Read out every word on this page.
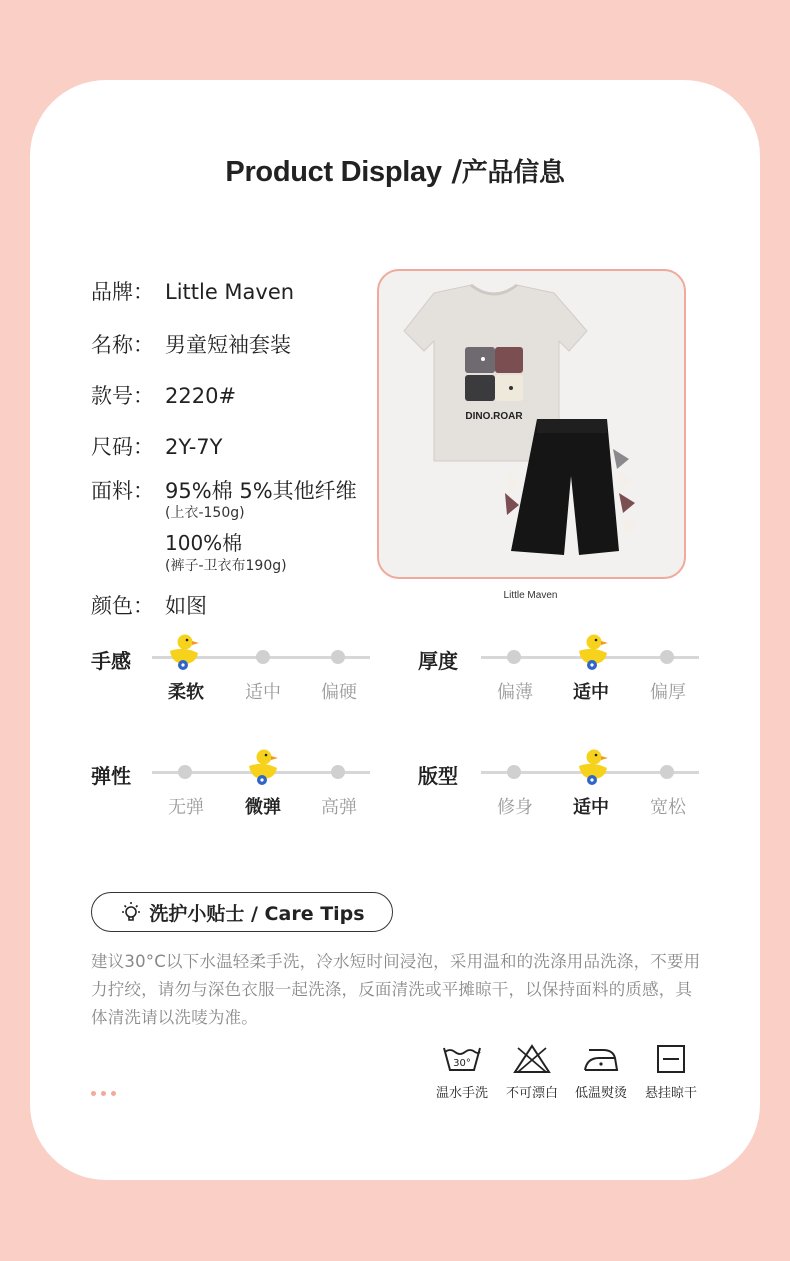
Product Display /产品信息
品牌： Little Maven
名称： 男童短袖套装
款号： 2220#
尺码： 2Y-7Y
面料： 95%棉 5%其他纤维
(上衣-150g)
100%棉
(裤子-卫衣布190g)
颜色： 如图
DINO.ROAR
Little Maven
手感
柔软	适中	偏硬
厚度
偏薄	适中	偏厚
弹性
无弹	微弹	高弹
版型
修身	适中	宽松
洗护小贴士 / Care Tips
建议30°C以下水温轻柔手洗，冷水短时间浸泡，采用温和的洗涤用品洗涤，不要用力拧绞，请勿与深色衣服一起洗涤，反面清洗或平摊晾干，以保持面料的质感，具体清洗请以洗唛为准。
30°
温水手洗	不可漂白	低温熨烫	悬挂晾干
